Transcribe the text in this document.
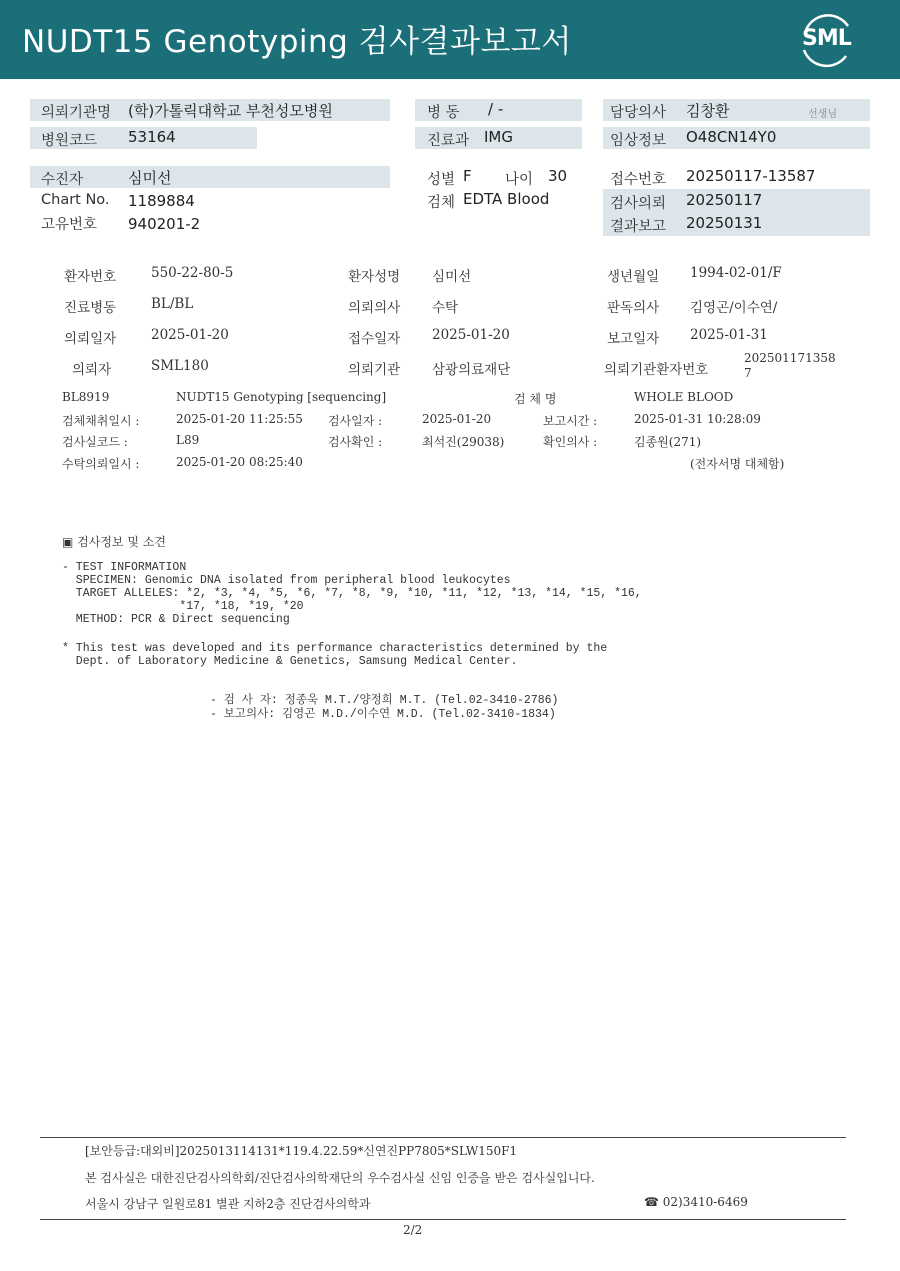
NUDT15 Genotyping 검사결과보고서	SML
의뢰기관명 (학)가톨릭대학교 부천성모병원
병원코드 53164
병 동 / -
진료과 IMG
담당의사 김창환	선생님
임상정보 O48CN14Y0
수진자	심미선
Chart No. 1189884
고유번호 940201-2
성별 F 나이 30
검체 EDTA Blood
접수번호 20250117-13587
검사의뢰 20250117
결과보고 20250131
환자번호	550-22-80-5	환자성명 심미선	생년월일 1994-02-01/F
진료병동	BL/BL	의뢰의사 수탁	판독의사 김영곤/이수연/
의뢰일자	2025-01-20	접수일자 2025-01-20	보고일자 2025-01-31
의뢰자	SML180	의뢰기관 삼광의료재단	의뢰기관환자번호
202501171358
7
BL8919	NUDT15 Genotyping [sequencing]	검 체 명	WHOLE BLOOD
검체채취일시 :	2025-01-20 11:25:55 검사일자 :	2025-01-20	보고시간 :	2025-01-31 10:28:09
검사실코드 :	L89	검사확인 :	최석진(29038)	확인의사 :	김종원(271)
수탁의뢰일시 :	2025-01-20 08:25:40	(전자서명 대체함)
▣ 검사정보 및 소견
- TEST INFORMATION
SPECIMEN: Genomic DNA isolated from peripheral blood leukocytes
TARGET ALLELES: *2, *3, *4, *5, *6, *7, *8, *9, *10, *11, *12, *13, *14, *15, *16,
*17, *18, *19, *20
METHOD: PCR & Direct sequencing
* This test was developed and its performance characteristics determined by the
Dept. of Laboratory Medicine & Genetics, Samsung Medical Center.
- 검 사 자: 정종욱 M.T./양정희 M.T. (Tel.02-3410-2786)
- 보고의사: 김영곤 M.D./이수연 M.D. (Tel.02-3410-1834)
[보안등급:대외비]2025013114131*119.4.22.59*신연진PP7805*SLW150F1
본 검사실은 대한진단검사의학회/진단검사의학재단의 우수검사실 신임 인증을 받은 검사실입니다.
서울시 강남구 일원로81 별관 지하2층 진단검사의학과	☎ 02)3410-6469
2/2
